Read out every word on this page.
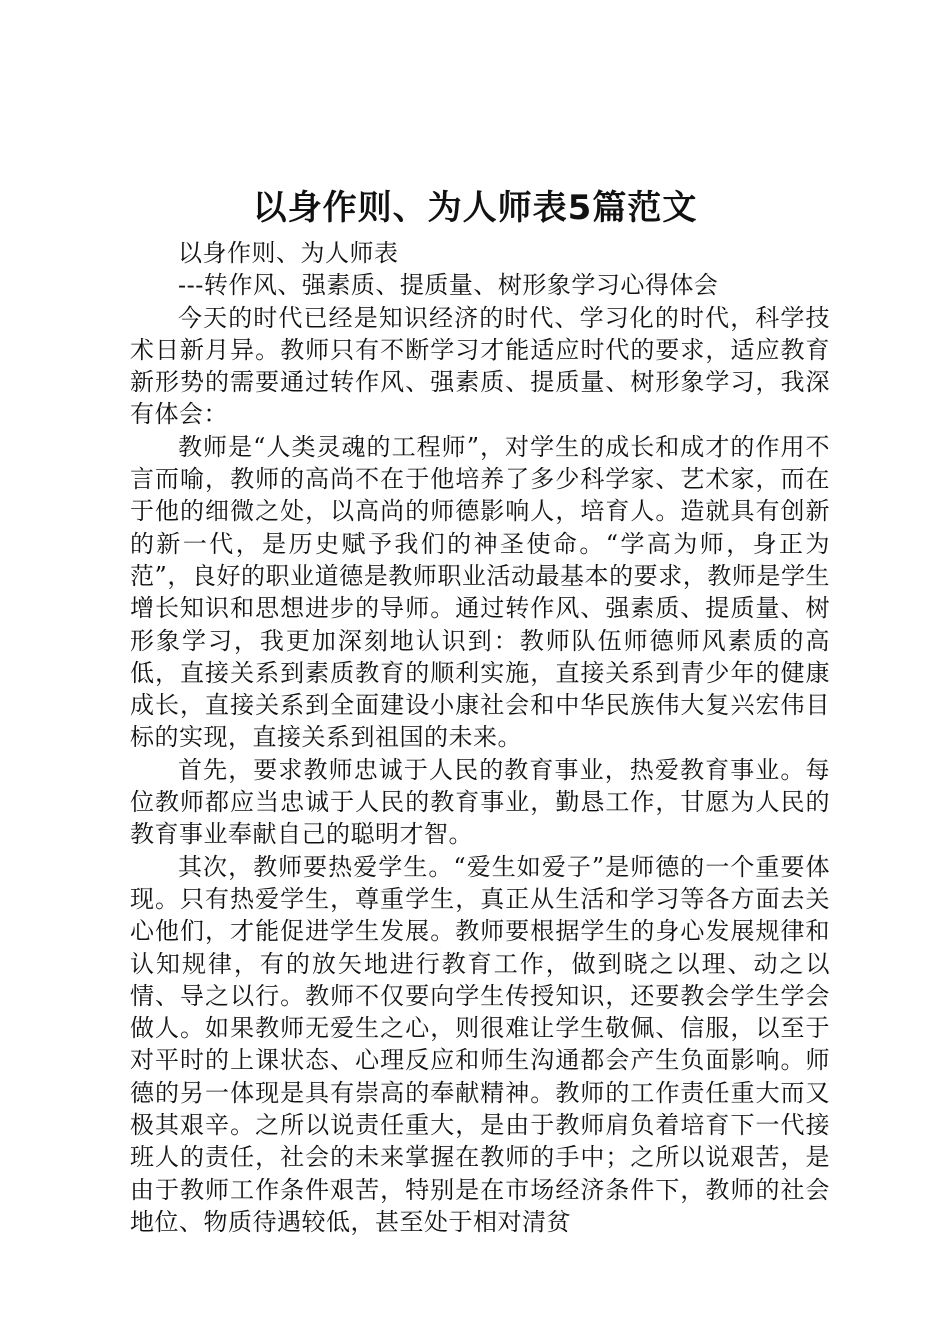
以身作则、为人师表5篇范文

以身作则、为人师表

---转作风、强素质、提质量、树形象学习心得体会

今天的时代已经是知识经济的时代、学习化的时代，科学技术日新月异。教师只有不断学习才能适应时代的要求，适应教育新形势的需要通过转作风、强素质、提质量、树形象学习，我深有体会：

教师是“人类灵魂的工程师”，对学生的成长和成才的作用不言而喻，教师的高尚不在于他培养了多少科学家、艺术家，而在于他的细微之处，以高尚的师德影响人，培育人。造就具有创新的新一代，是历史赋予我们的神圣使命。“学高为师，身正为范”，良好的职业道德是教师职业活动最基本的要求，教师是学生增长知识和思想进步的导师。通过转作风、强素质、提质量、树形象学习，我更加深刻地认识到：教师队伍师德师风素质的高低，直接关系到素质教育的顺利实施，直接关系到青少年的健康成长，直接关系到全面建设小康社会和中华民族伟大复兴宏伟目标的实现，直接关系到祖国的未来。

首先，要求教师忠诚于人民的教育事业，热爱教育事业。每位教师都应当忠诚于人民的教育事业，勤恳工作，甘愿为人民的教育事业奉献自己的聪明才智。

其次，教师要热爱学生。“爱生如爱子”是师德的一个重要体现。只有热爱学生，尊重学生，真正从生活和学习等各方面去关心他们，才能促进学生发展。教师要根据学生的身心发展规律和认知规律，有的放矢地进行教育工作，做到晓之以理、动之以情、导之以行。教师不仅要向学生传授知识，还要教会学生学会做人。如果教师无爱生之心，则很难让学生敬佩、信服，以至于对平时的上课状态、心理反应和师生沟通都会产生负面影响。师德的另一体现是具有崇高的奉献精神。教师的工作责任重大而又极其艰辛。之所以说责任重大，是由于教师肩负着培育下一代接班人的责任，社会的未来掌握在教师的手中；之所以说艰苦，是由于教师工作条件艰苦，特别是在市场经济条件下，教师的社会地位、物质待遇较低，甚至处于相对清贫
